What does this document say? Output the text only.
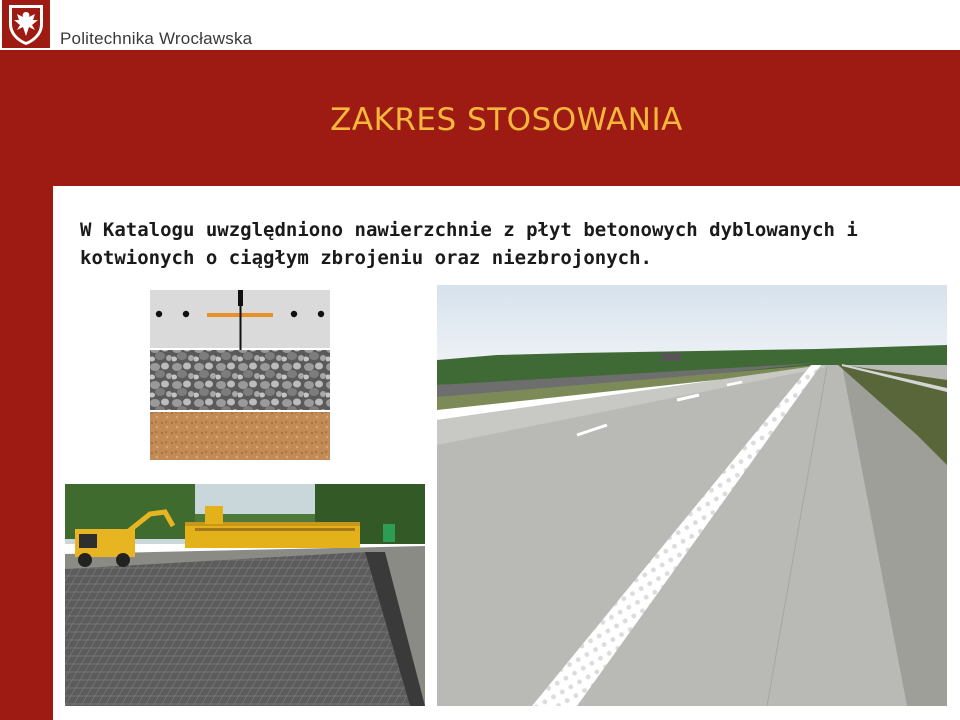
Politechnika Wrocławska
ZAKRES STOSOWANIA
W Katalogu uwzględniono nawierzchnie z płyt betonowych dyblowanych i
kotwionych o ciągłym zbrojeniu oraz niezbrojonych.
